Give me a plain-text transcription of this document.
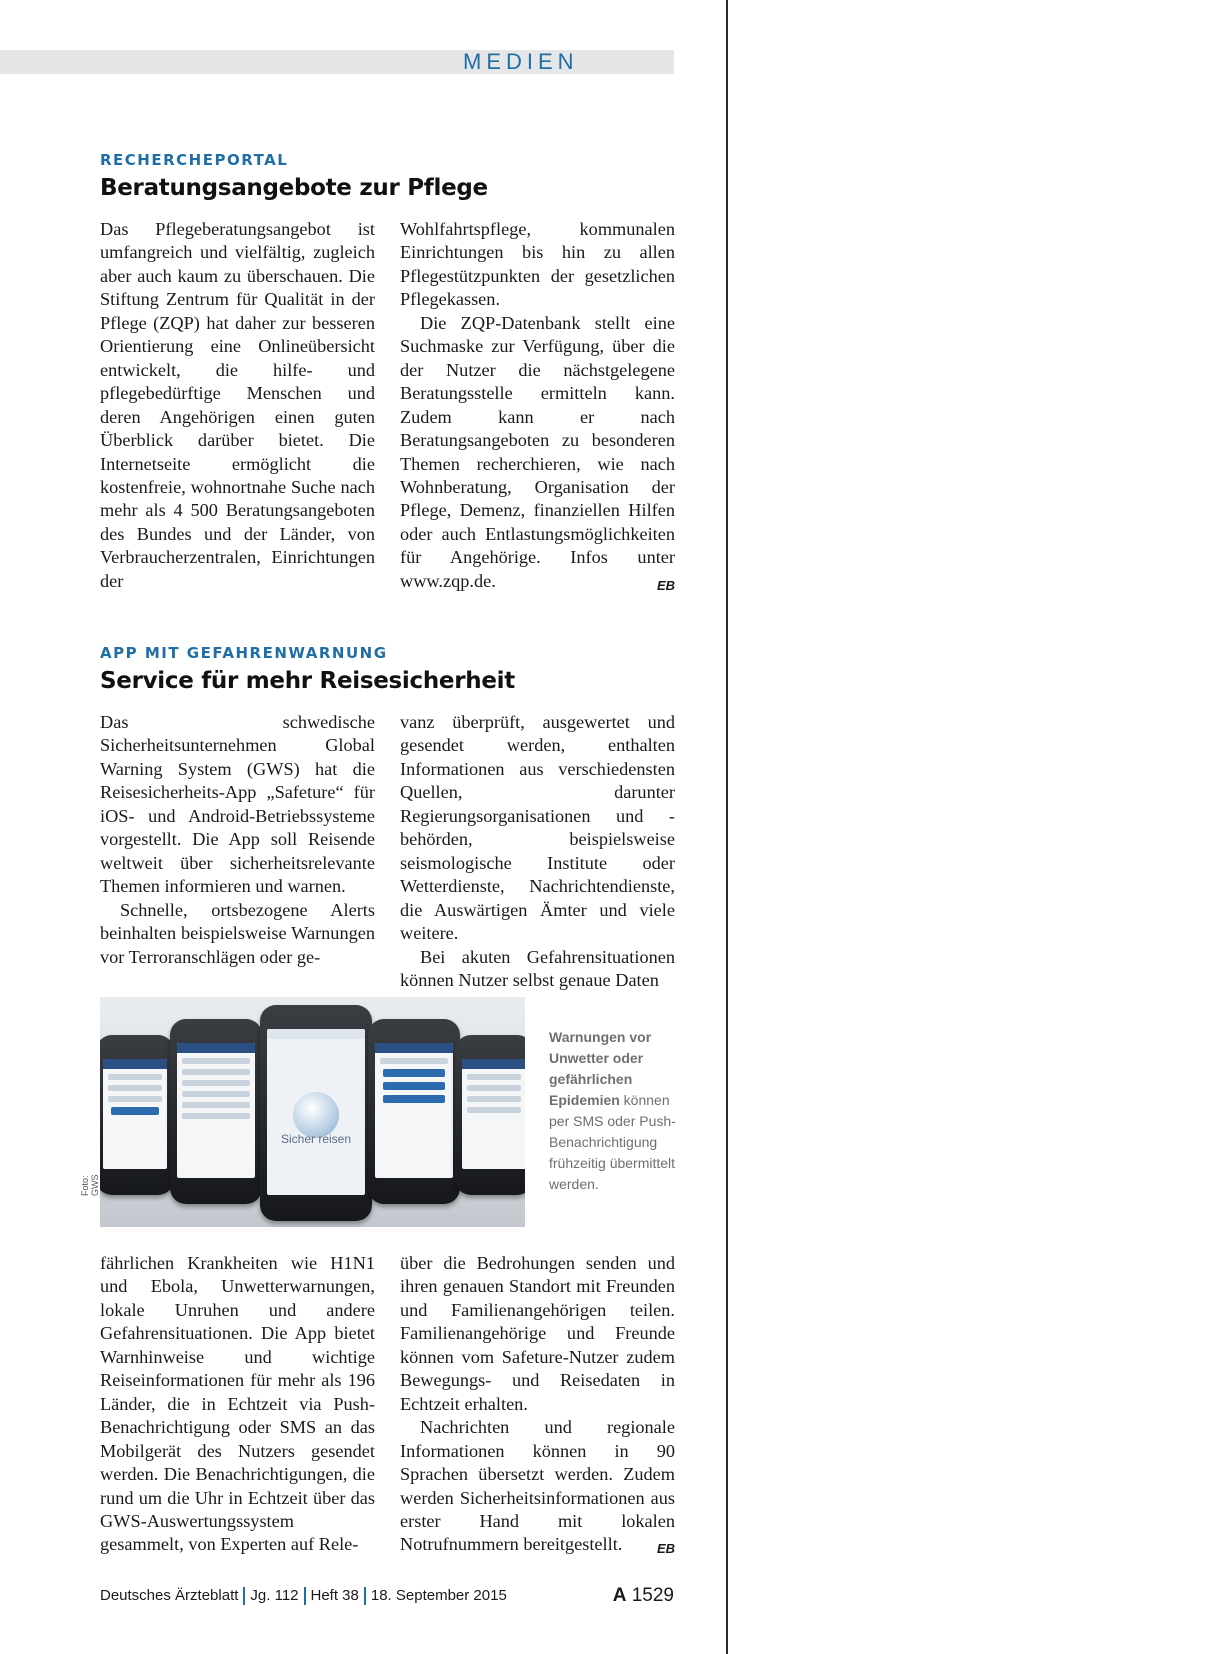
MEDIEN
RECHERCHEPORTAL
Beratungsangebote zur Pflege

Das Pflegeberatungsangebot ist umfangreich und vielfältig, zugleich aber auch kaum zu überschauen. Die Stiftung Zentrum für Qualität in der Pflege (ZQP) hat daher zur besseren Orientierung eine Onlineübersicht entwickelt, die hilfe- und pflegebedürftige Menschen und deren Angehörigen einen guten Überblick darüber bietet. Die Internetseite ermöglicht die kostenfreie, wohnortnahe Suche nach mehr als 4 500 Beratungsangeboten des Bundes und der Länder, von Verbraucherzentralen, Einrichtungen der

Wohlfahrtspflege, kommunalen Einrichtungen bis hin zu allen Pflegestützpunkten der gesetzlichen Pflegekassen.

Die ZQP-Datenbank stellt eine Suchmaske zur Verfügung, über die der Nutzer die nächstgelegene Beratungsstelle ermitteln kann. Zudem kann er nach Beratungsangeboten zu besonderen Themen recherchieren, wie nach Wohnberatung, Organisation der Pflege, Demenz, finanziellen Hilfen oder auch Entlastungsmöglichkeiten für Angehörige. Infos unter www.zqp.de.	EB

APP MIT GEFAHRENWARNUNG
Service für mehr Reisesicherheit

Das schwedische Sicherheitsunternehmen Global Warning System (GWS) hat die Reisesicherheits-App „Safeture“ für iOS- und Android-Betriebssysteme vorgestellt. Die App soll Reisende weltweit über sicherheitsrelevante Themen informieren und warnen.

Schnelle, ortsbezogene Alerts beinhalten beispielsweise Warnungen vor Terroranschlägen oder ge-

vanz überprüft, ausgewertet und gesendet werden, enthalten Informationen aus verschiedensten Quellen, darunter Regierungsorganisationen und -behörden, beispielsweise seismologische Institute oder Wetterdienste, Nachrichtendienste, die Auswärtigen Ämter und viele weitere.

Bei akuten Gefahrensituationen können Nutzer selbst genaue Daten

Sicher reisen
Foto: GWS
Warnungen vor Unwetter oder gefährlichen Epidemien können per SMS oder Push-Benachrichtigung frühzeitig übermittelt werden.

fährlichen Krankheiten wie H1N1 und Ebola, Unwetterwarnungen, lokale Unruhen und andere Gefahrensituationen. Die App bietet Warnhinweise und wichtige Reiseinformationen für mehr als 196 Länder, die in Echtzeit via Push-Benachrichtigung oder SMS an das Mobilgerät des Nutzers gesendet werden. Die Benachrichtigungen, die rund um die Uhr in Echtzeit über das GWS-Auswertungssystem gesammelt, von Experten auf Rele-

über die Bedrohungen senden und ihren genauen Standort mit Freunden und Familienangehörigen teilen. Familienangehörige und Freunde können vom Safeture-Nutzer zudem Bewegungs- und Reisedaten in Echtzeit erhalten.

Nachrichten und regionale Informationen können in 90 Sprachen übersetzt werden. Zudem werden Sicherheitsinformationen aus erster Hand mit lokalen Notrufnummern bereitgestellt.	EB

Deutsches Ärzteblatt Jg. 112 Heft 38 18. September 2015	A 1529
